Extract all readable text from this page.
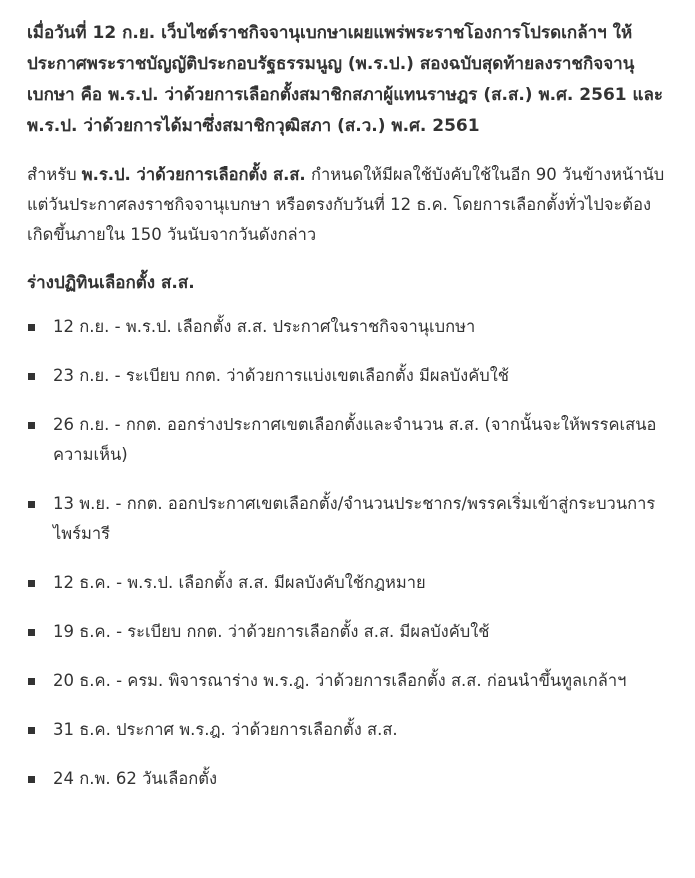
เมื่อวันที่ 12 ก.ย. เว็บไซต์ราชกิจจานุเบกษาเผยแพร่พระราชโองการโปรดเกล้าฯ ให้ประกาศพระราชบัญญัติประกอบรัฐธรรมนูญ (พ.ร.ป.) สองฉบับสุดท้ายลงราชกิจจานุเบกษา คือ พ.ร.ป. ว่าด้วยการเลือกตั้งสมาชิกสภาผู้แทนราษฎร (ส.ส.) พ.ศ. 2561 และ พ.ร.ป. ว่าด้วยการได้มาซึ่งสมาชิกวุฒิสภา (ส.ว.) พ.ศ. 2561

สำหรับ พ.ร.ป. ว่าด้วยการเลือกตั้ง ส.ส. กำหนดให้มีผลใช้บังคับใช้ในอีก 90 วันข้างหน้านับแต่วันประกาศลงราชกิจจานุเบกษา หรือตรงกับวันที่ 12 ธ.ค. โดยการเลือกตั้งทั่วไปจะต้องเกิดขึ้นภายใน 150 วันนับจากวันดังกล่าว

ร่างปฏิทินเลือกตั้ง ส.ส.
12 ก.ย. - พ.ร.ป. เลือกตั้ง ส.ส. ประกาศในราชกิจจานุเบกษา
23 ก.ย. - ระเบียบ กกต. ว่าด้วยการแบ่งเขตเลือกตั้ง มีผลบังคับใช้
26 ก.ย. - กกต. ออกร่างประกาศเขตเลือกตั้งและจำนวน ส.ส. (จากนั้นจะให้พรรคเสนอความเห็น)
13 พ.ย. - กกต. ออกประกาศเขตเลือกตั้ง/จำนวนประชากร/พรรคเริ่มเข้าสู่กระบวนการไพร์มารี
12 ธ.ค. - พ.ร.ป. เลือกตั้ง ส.ส. มีผลบังคับใช้กฎหมาย
19 ธ.ค. - ระเบียบ กกต. ว่าด้วยการเลือกตั้ง ส.ส. มีผลบังคับใช้
20 ธ.ค. - ครม. พิจารณาร่าง พ.ร.ฎ. ว่าด้วยการเลือกตั้ง ส.ส. ก่อนนำขึ้นทูลเกล้าฯ
31 ธ.ค. ประกาศ พ.ร.ฎ. ว่าด้วยการเลือกตั้ง ส.ส.
24 ก.พ. 62 วันเลือกตั้ง
